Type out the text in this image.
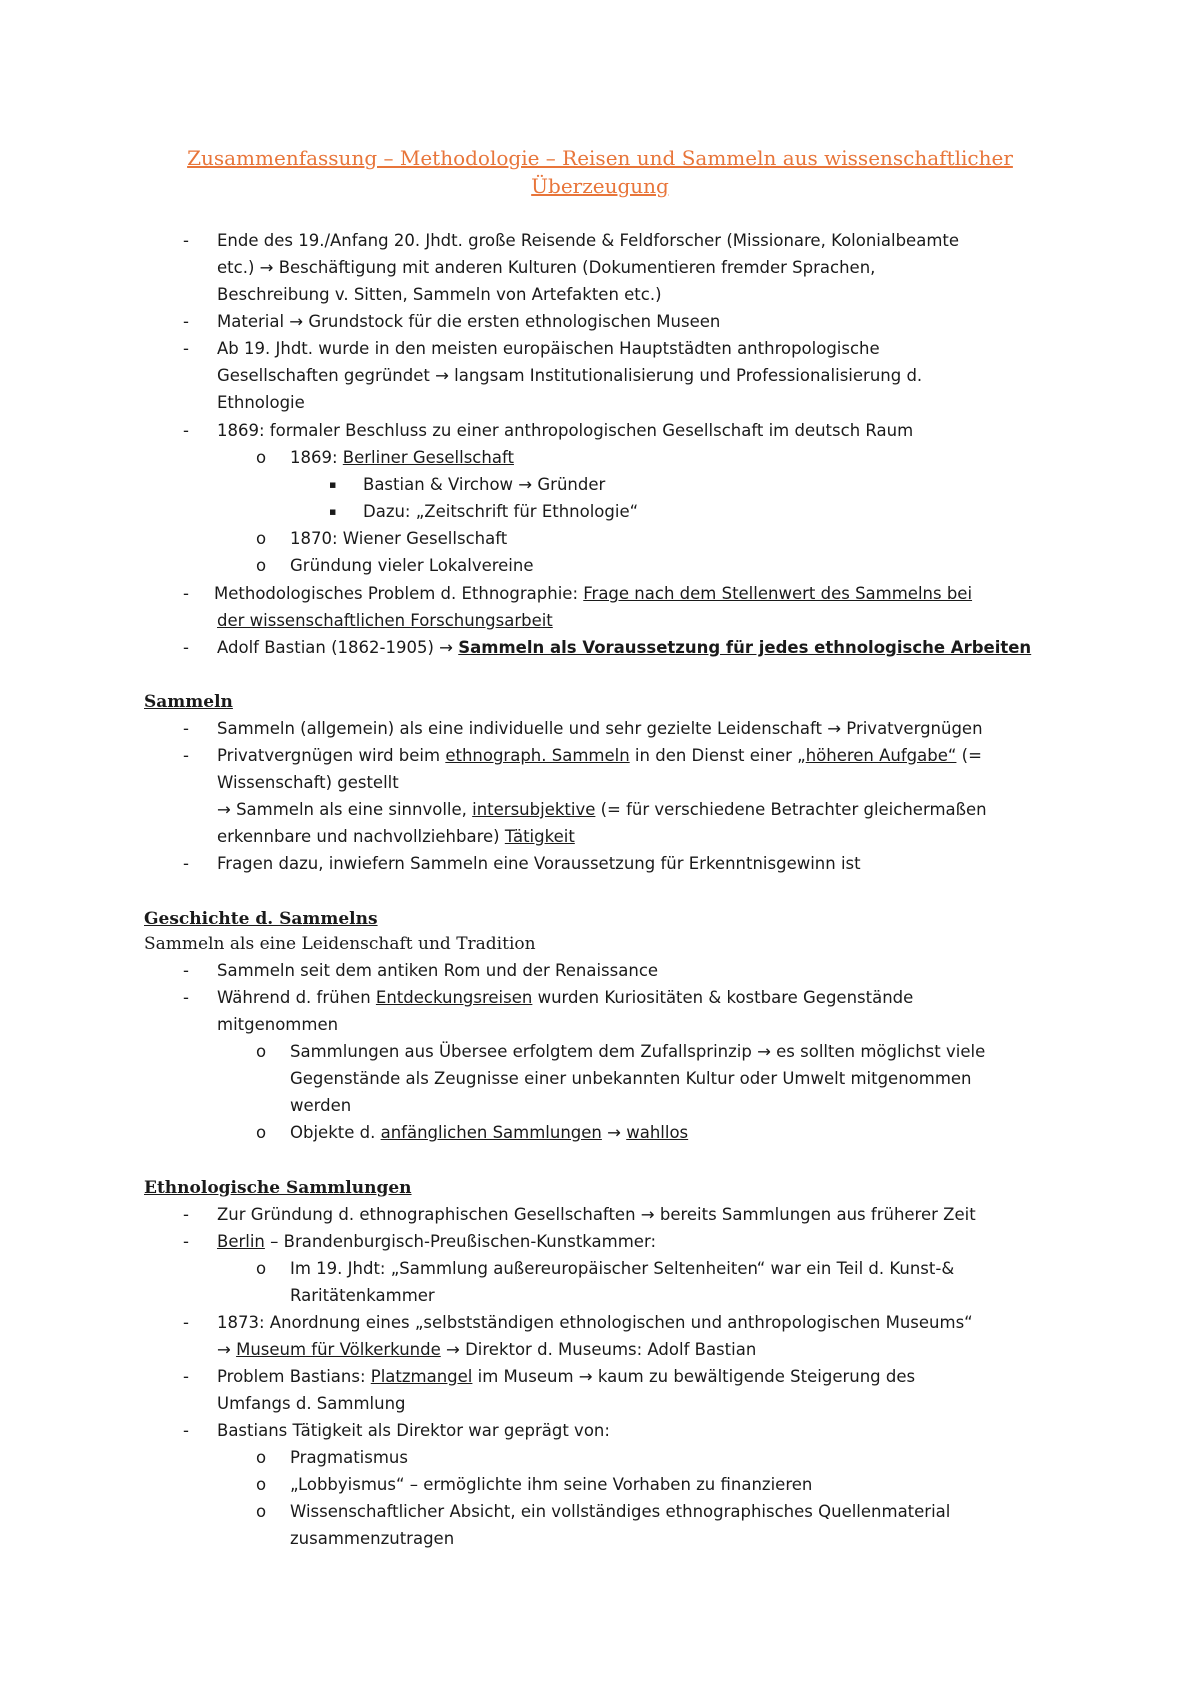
Zusammenfassung – Methodologie – Reisen und Sammeln aus wissenschaftlicher
Überzeugung
- Ende des 19./Anfang 20. Jhdt. große Reisende & Feldforscher (Missionare, Kolonialbeamte
etc.) → Beschäftigung mit anderen Kulturen (Dokumentieren fremder Sprachen,
Beschreibung v. Sitten, Sammeln von Artefakten etc.)
- Material → Grundstock für die ersten ethnologischen Museen
- Ab 19. Jhdt. wurde in den meisten europäischen Hauptstädten anthropologische
Gesellschaften gegründet → langsam Institutionalisierung und Professionalisierung d.
Ethnologie
- 1869: formaler Beschluss zu einer anthropologischen Gesellschaft im deutsch Raum
o 1869: Berliner Gesellschaft
▪ Bastian & Virchow → Gründer
▪ Dazu: „Zeitschrift für Ethnologie“
o 1870: Wiener Gesellschaft
o Gründung vieler Lokalvereine
- Methodologisches Problem d. Ethnographie: Frage nach dem Stellenwert des Sammelns bei
der wissenschaftlichen Forschungsarbeit
- Adolf Bastian (1862-1905) → Sammeln als Voraussetzung für jedes ethnologische Arbeiten
Sammeln
- Sammeln (allgemein) als eine individuelle und sehr gezielte Leidenschaft → Privatvergnügen
- Privatvergnügen wird beim ethnograph. Sammeln in den Dienst einer „höheren Aufgabe“ (=
Wissenschaft) gestellt
→ Sammeln als eine sinnvolle, intersubjektive (= für verschiedene Betrachter gleichermaßen
erkennbare und nachvollziehbare) Tätigkeit
- Fragen dazu, inwiefern Sammeln eine Voraussetzung für Erkenntnisgewinn ist
Geschichte d. Sammelns
Sammeln als eine Leidenschaft und Tradition
- Sammeln seit dem antiken Rom und der Renaissance
- Während d. frühen Entdeckungsreisen wurden Kuriositäten & kostbare Gegenstände
mitgenommen
o Sammlungen aus Übersee erfolgtem dem Zufallsprinzip → es sollten möglichst viele
Gegenstände als Zeugnisse einer unbekannten Kultur oder Umwelt mitgenommen
werden
o Objekte d. anfänglichen Sammlungen → wahllos
Ethnologische Sammlungen
- Zur Gründung d. ethnographischen Gesellschaften → bereits Sammlungen aus früherer Zeit
- Berlin – Brandenburgisch-Preußischen-Kunstkammer:
o Im 19. Jhdt: „Sammlung außereuropäischer Seltenheiten“ war ein Teil d. Kunst-&
Raritätenkammer
- 1873: Anordnung eines „selbstständigen ethnologischen und anthropologischen Museums“
→ Museum für Völkerkunde → Direktor d. Museums: Adolf Bastian
- Problem Bastians: Platzmangel im Museum → kaum zu bewältigende Steigerung des
Umfangs d. Sammlung
- Bastians Tätigkeit als Direktor war geprägt von:
o Pragmatismus
o „Lobbyismus“ – ermöglichte ihm seine Vorhaben zu finanzieren
o Wissenschaftlicher Absicht, ein vollständiges ethnographisches Quellenmaterial
zusammenzutragen
